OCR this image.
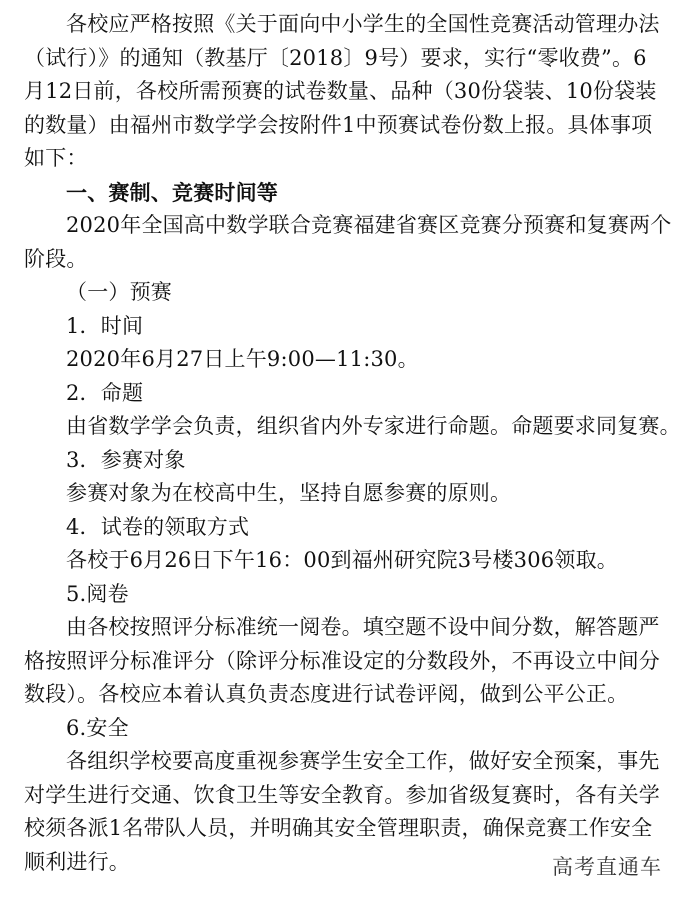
各校应严格按照《关于面向中小学生的全国性竞赛活动管理办法
（试行）》的通知（教基厅〔2018〕9号）要求，实行“零收费”。6
月12日前，各校所需预赛的试卷数量、品种（30份袋装、10份袋装
的数量）由福州市数学学会按附件1中预赛试卷份数上报。具体事项
如下：
一、赛制、竞赛时间等
2020年全国高中数学联合竞赛福建省赛区竞赛分预赛和复赛两个
阶段。
（一）预赛
1．时间
2020年6月27日上午9:00—11:30。
2．命题
由省数学学会负责，组织省内外专家进行命题。命题要求同复赛。
3．参赛对象
参赛对象为在校高中生，坚持自愿参赛的原则。
4．试卷的领取方式
各校于6月26日下午16：00到福州研究院3号楼306领取。
5.阅卷
由各校按照评分标准统一阅卷。填空题不设中间分数，解答题严
格按照评分标准评分（除评分标准设定的分数段外，不再设立中间分
数段）。各校应本着认真负责态度进行试卷评阅，做到公平公正。
6.安全
各组织学校要高度重视参赛学生安全工作，做好安全预案，事先
对学生进行交通、饮食卫生等安全教育。参加省级复赛时，各有关学
校须各派1名带队人员，并明确其安全管理职责，确保竞赛工作安全
顺利进行。	高考直通车
